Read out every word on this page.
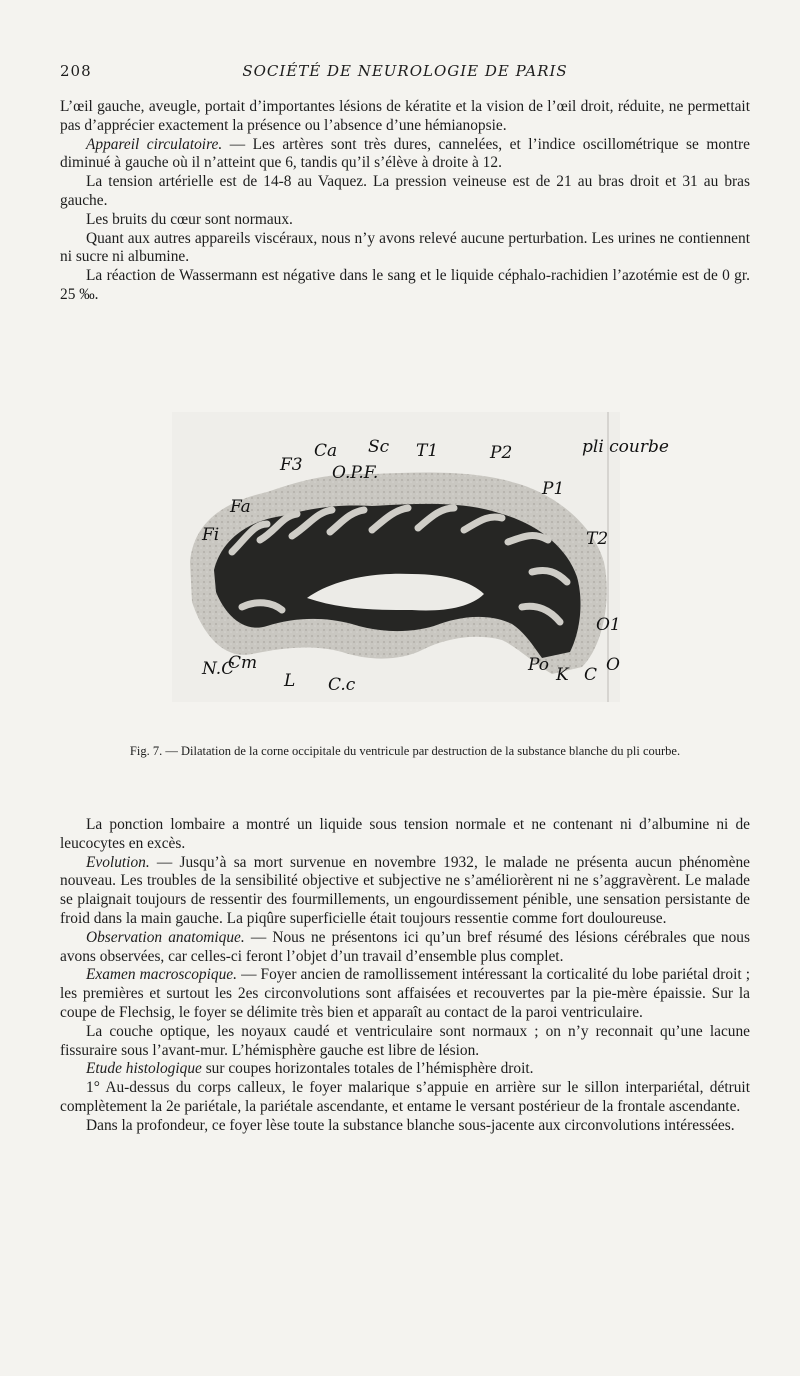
208	SOCIÉTÉ DE NEUROLOGIE DE PARIS

L’œil gauche, aveugle, portait d’importantes lésions de kératite et la vision de l’œil droit, réduite, ne permettait pas d’apprécier exactement la présence ou l’absence d’une hémianopsie.

Appareil circulatoire. — Les artères sont très dures, cannelées, et l’indice oscillométrique se montre diminué à gauche où il n’atteint que 6, tandis qu’il s’élève à droite à 12.

La tension artérielle est de 14-8 au Vaquez. La pression veineuse est de 21 au bras droit et 31 au bras gauche.

Les bruits du cœur sont normaux.

Quant aux autres appareils viscéraux, nous n’y avons relevé aucune perturbation. Les urines ne contiennent ni sucre ni albumine.

La réaction de Wassermann est négative dans le sang et le liquide céphalo-rachidien l’azotémie est de 0 gr. 25 ‰.

F3
Ca
O.P.F.
Sc T1	P2	pli courbe
P1
Fa
Fi	T2
O1
N.C
Cm
L C.c
Po K C O
Fig. 7. — Dilatation de la corne occipitale du ventricule par destruction de la substance blanche du pli courbe.

La ponction lombaire a montré un liquide sous tension normale et ne contenant ni d’albumine ni de leucocytes en excès.

Evolution. — Jusqu’à sa mort survenue en novembre 1932, le malade ne présenta aucun phénomène nouveau. Les troubles de la sensibilité objective et subjective ne s’améliorèrent ni ne s’aggravèrent. Le malade se plaignait toujours de ressentir des fourmillements, un engourdissement pénible, une sensation persistante de froid dans la main gauche. La piqûre superficielle était toujours ressentie comme fort douloureuse.

Observation anatomique. — Nous ne présentons ici qu’un bref résumé des lésions cérébrales que nous avons observées, car celles-ci feront l’objet d’un travail d’ensemble plus complet.

Examen macroscopique. — Foyer ancien de ramollissement intéressant la corticalité du lobe pariétal droit ; les premières et surtout les 2es circonvolutions sont affaisées et recouvertes par la pie-mère épaissie. Sur la coupe de Flechsig, le foyer se délimite très bien et apparaît au contact de la paroi ventriculaire.

La couche optique, les noyaux caudé et ventriculaire sont normaux ; on n’y reconnait qu’une lacune fissuraire sous l’avant-mur. L’hémisphère gauche est libre de lésion.

Etude histologique sur coupes horizontales totales de l’hémisphère droit.

1° Au-dessus du corps calleux, le foyer malarique s’appuie en arrière sur le sillon interpariétal, détruit complètement la 2e pariétale, la pariétale ascendante, et entame le versant postérieur de la frontale ascendante.

Dans la profondeur, ce foyer lèse toute la substance blanche sous-jacente aux circonvolutions intéressées.
